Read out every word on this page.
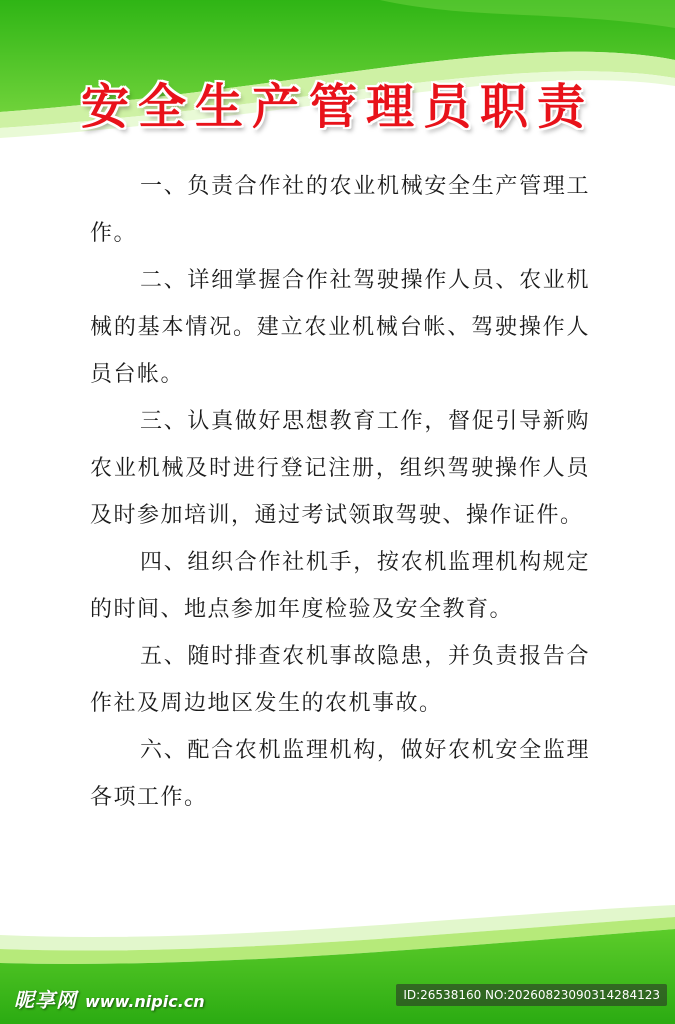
安全生产管理员职责

一、负责合作社的农业机械安全生产管理工作。

二、详细掌握合作社驾驶操作人员、农业机械的基本情况。建立农业机械台帐、驾驶操作人员台帐。

三、认真做好思想教育工作，督促引导新购农业机械及时进行登记注册，组织驾驶操作人员及时参加培训，通过考试领取驾驶、操作证件。

四、组织合作社机手，按农机监理机构规定的时间、地点参加年度检验及安全教育。

五、随时排查农机事故隐患，并负责报告合作社及周边地区发生的农机事故。

六、配合农机监理机构，做好农机安全监理各项工作。

昵享网 www.nipic.cn	ID:26538160 NO:20260823090314284123
